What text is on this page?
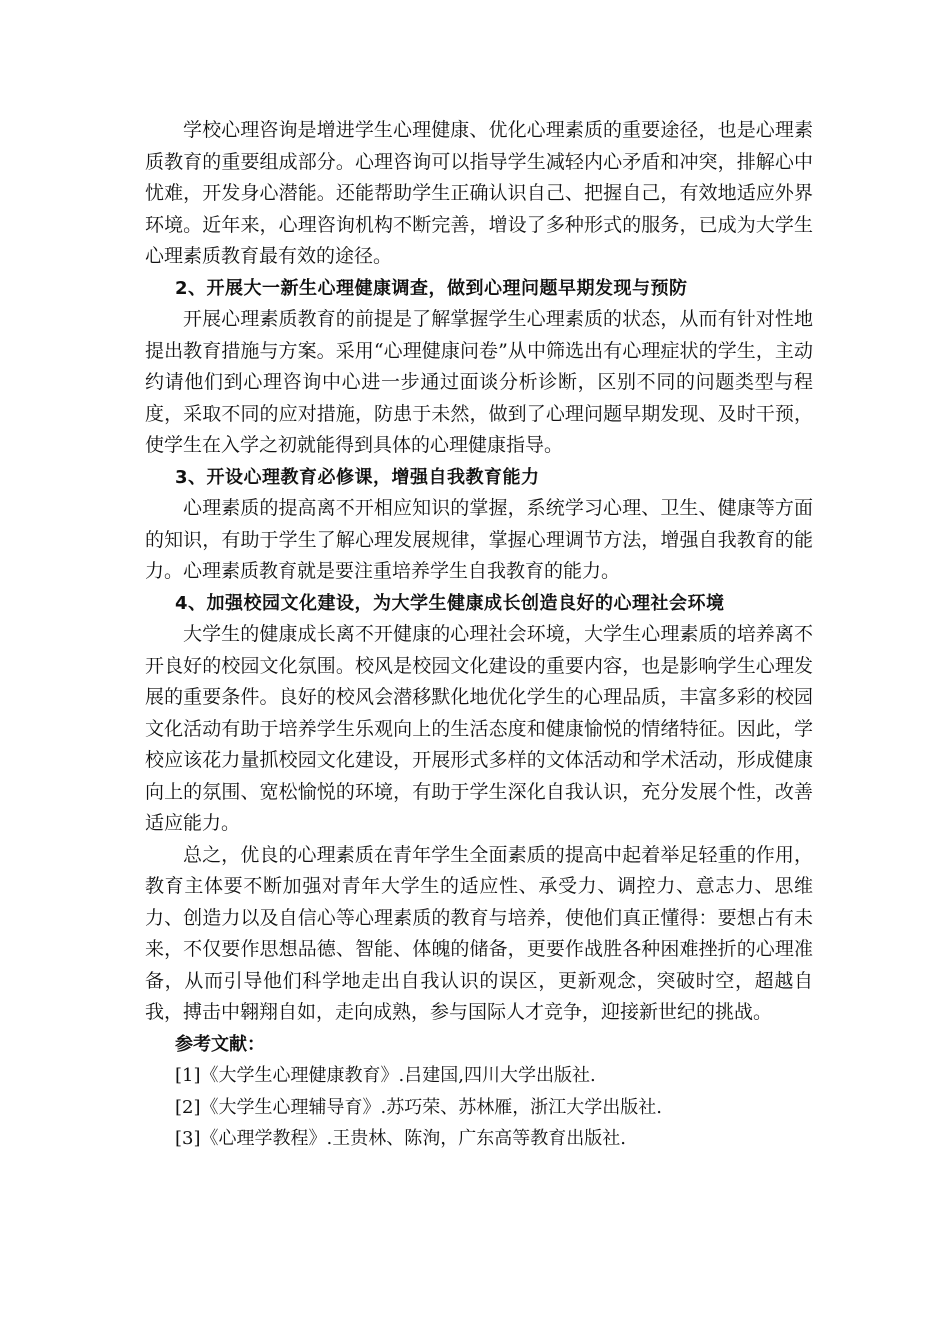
学校心理咨询是增进学生心理健康、优化心理素质的重要途径，也是心理素质教育的重要组成部分。心理咨询可以指导学生减轻内心矛盾和冲突，排解心中忧难，开发身心潜能。还能帮助学生正确认识自己、把握自己，有效地适应外界环境。近年来，心理咨询机构不断完善，增设了多种形式的服务，已成为大学生心理素质教育最有效的途径。

2、开展大一新生心理健康调查，做到心理问题早期发现与预防

开展心理素质教育的前提是了解掌握学生心理素质的状态，从而有针对性地提出教育措施与方案。采用“心理健康问卷”从中筛选出有心理症状的学生，主动约请他们到心理咨询中心进一步通过面谈分析诊断，区别不同的问题类型与程度，采取不同的应对措施，防患于未然，做到了心理问题早期发现、及时干预，使学生在入学之初就能得到具体的心理健康指导。

3、开设心理教育必修课，增强自我教育能力

心理素质的提高离不开相应知识的掌握，系统学习心理、卫生、健康等方面的知识，有助于学生了解心理发展规律，掌握心理调节方法，增强自我教育的能力。心理素质教育就是要注重培养学生自我教育的能力。

4、加强校园文化建设，为大学生健康成长创造良好的心理社会环境

大学生的健康成长离不开健康的心理社会环境，大学生心理素质的培养离不开良好的校园文化氛围。校风是校园文化建设的重要内容，也是影响学生心理发展的重要条件。良好的校风会潜移默化地优化学生的心理品质，丰富多彩的校园文化活动有助于培养学生乐观向上的生活态度和健康愉悦的情绪特征。因此，学校应该花力量抓校园文化建设，开展形式多样的文体活动和学术活动，形成健康向上的氛围、宽松愉悦的环境，有助于学生深化自我认识，充分发展个性，改善适应能力。

总之，优良的心理素质在青年学生全面素质的提高中起着举足轻重的作用，教育主体要不断加强对青年大学生的适应性、承受力、调控力、意志力、思维力、创造力以及自信心等心理素质的教育与培养，使他们真正懂得：要想占有未来，不仅要作思想品德、智能、体魄的储备，更要作战胜各种困难挫折的心理准备，从而引导他们科学地走出自我认识的误区，更新观念，突破时空，超越自我，搏击中翱翔自如，走向成熟，参与国际人才竞争，迎接新世纪的挑战。

参考文献：

[1]《大学生心理健康教育》.吕建国,四川大学出版社.

[2]《大学生心理辅导育》.苏巧荣、苏林雁，浙江大学出版社.

[3]《心理学教程》.王贵林、陈洵，广东高等教育出版社.
